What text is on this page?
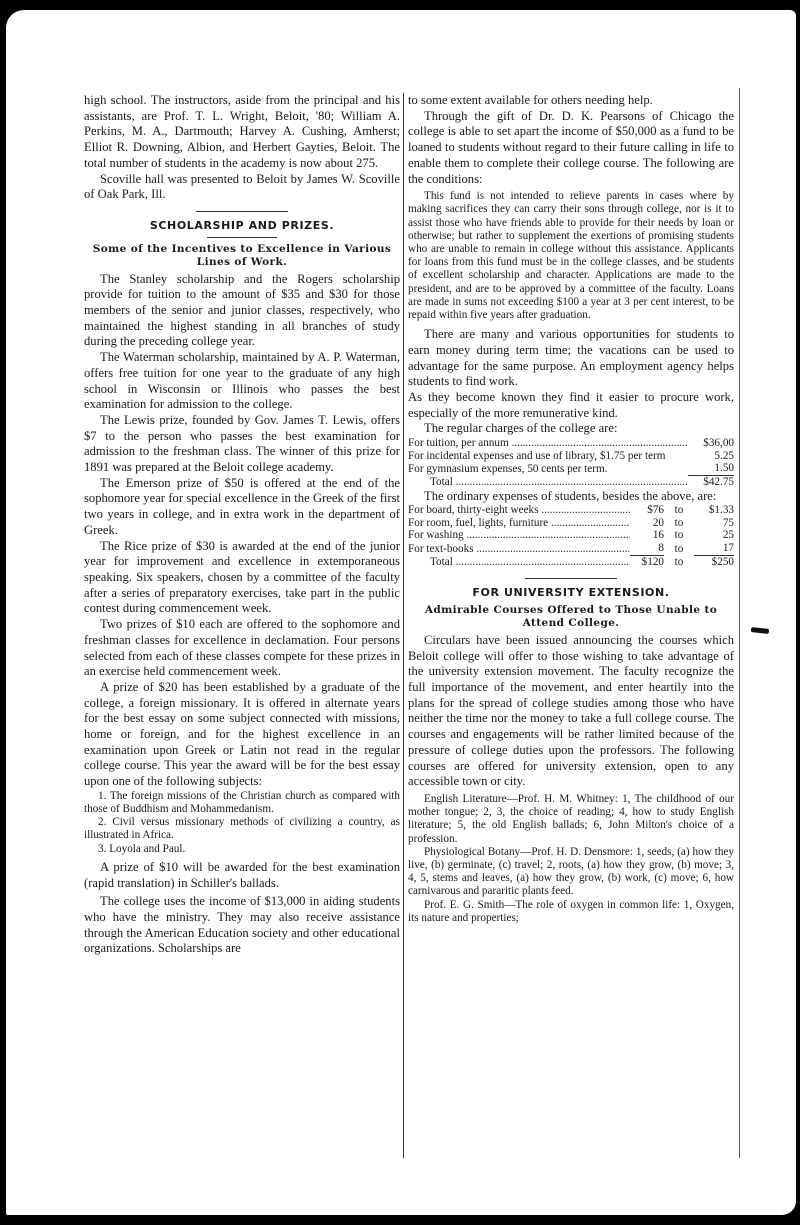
high school. The instructors, aside from the principal and his assistants, are Prof. T. L. Wright, Beloit, '80; William A. Perkins, M. A., Dartmouth; Harvey A. Cushing, Amherst; Elliot R. Downing, Albion, and Herbert Gayties, Beloit. The total number of students in the academy is now about 275.

Scoville hall was presented to Beloit by James W. Scoville of Oak Park, Ill.

SCHOLARSHIP AND PRIZES.
Some of the Incentives to Excellence in Various Lines of Work.

The Stanley scholarship and the Rogers scholarship provide for tuition to the amount of $35 and $30 for those members of the senior and junior classes, respectively, who maintained the highest standing in all branches of study during the preceding college year.

The Waterman scholarship, maintained by A. P. Waterman, offers free tuition for one year to the graduate of any high school in Wisconsin or Illinois who passes the best examination for admission to the college.

The Lewis prize, founded by Gov. James T. Lewis, offers $7 to the person who passes the best examination for admission to the freshman class. The winner of this prize for 1891 was prepared at the Beloit college academy.

The Emerson prize of $50 is offered at the end of the sophomore year for special excellence in the Greek of the first two years in college, and in extra work in the department of Greek.

The Rice prize of $30 is awarded at the end of the junior year for improvement and excellence in extemporaneous speaking. Six speakers, chosen by a committee of the faculty after a series of preparatory exercises, take part in the public contest during commencement week.

Two prizes of $10 each are offered to the sophomore and freshman classes for excellence in declamation. Four persons selected from each of these classes compete for these prizes in an exercise held commencement week.

A prize of $20 has been established by a graduate of the college, a foreign missionary. It is offered in alternate years for the best essay on some subject connected with missions, home or foreign, and for the highest excellence in an examination upon Greek or Latin not read in the regular college course. This year the award will be for the best essay upon one of the following subjects:

1. The foreign missions of the Christian church as compared with those of Buddhism and Mohammedanism.

2. Civil versus missionary methods of civilizing a country, as illustrated in Africa.

3. Loyola and Paul.

A prize of $10 will be awarded for the best examination (rapid translation) in Schiller's ballads.

The college uses the income of $13,000 in aiding students who have the ministry. They may also receive assistance through the American Education society and other educational organizations. Scholarships are

to some extent available for others needing help.

Through the gift of Dr. D. K. Pearsons of Chicago the college is able to set apart the income of $50,000 as a fund to be loaned to students without regard to their future calling in life to enable them to complete their college course. The following are the conditions:

This fund is not intended to relieve parents in cases where by making sacrifices they can carry their sons through college, nor is it to assist those who have friends able to provide for their needs by loan or otherwise; but rather to supplement the exertions of promising students who are unable to remain in college without this assistance. Applicants for loans from this fund must be in the college classes, and be students of excellent scholarship and character. Applications are made to the president, and are to be approved by a committee of the faculty. Loans are made in sums not exceeding $100 a year at 3 per cent interest, to be repaid within five years after graduation.

There are many and various opportunities for students to earn money during term time; the vacations can be used to advantage for the same purpose. An employment agency helps students to find work.

As they become known they find it easier to procure work, especially of the more remunerative kind.

The regular charges of the college are:

For tuition, per annum .....	$36,00
For incidental expenses and use of library, $1.75 per term	5.25
For gymnasium expenses, 50 cents per term.	1.50
Total .....	$42.75

The ordinary expenses of students, besides the above, are:

For board, thirty-eight weeks .....	$76	to	$1.33
For room, fuel, lights, furniture .....	20	to	75
For washing .....	16	to	25
For text-books .....	8	to	17
Total .....	$120	to	$250
FOR UNIVERSITY EXTENSION.
Admirable Courses Offered to Those Unable to Attend College.

Circulars have been issued announcing the courses which Beloit college will offer to those wishing to take advantage of the university extension movement. The faculty recognize the full importance of the movement, and enter heartily into the plans for the spread of college studies among those who have neither the time nor the money to take a full college course. The courses and engagements will be rather limited because of the pressure of college duties upon the professors. The following courses are offered for university extension, open to any accessible town or city.

English Literature—Prof. H. M. Whitney: 1, The childhood of our mother tongue; 2, 3, the choice of reading; 4, how to study English literature; 5, the old English ballads; 6, John Milton's choice of a profession.

Physiological Botany—Prof. H. D. Densmore: 1, seeds, (a) how they live, (b) germinate, (c) travel; 2, roots, (a) how they grow, (b) move; 3, 4, 5, stems and leaves, (a) how they grow, (b) work, (c) move; 6, how carnivarous and pararitic plants feed.

Prof. E. G. Smith—The role of oxygen in common life: 1, Oxygen, its nature and properties;
